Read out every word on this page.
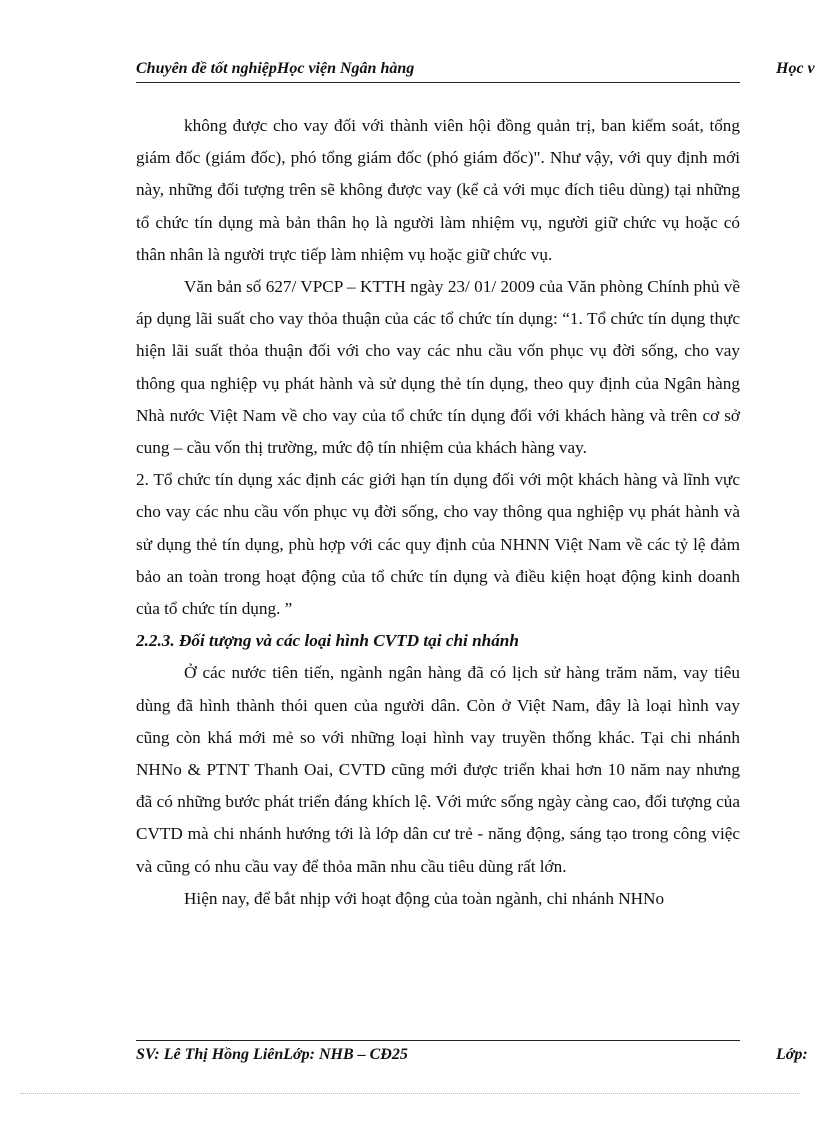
Chuyên đề tốt nghiệpHọc viện Ngân hàng	Học v

không được cho vay đối với thành viên hội đồng quản trị, ban kiểm soát, tổng giám đốc (giám đốc), phó tổng giám đốc (phó giám đốc)". Như vậy, với quy định mới này, những đối tượng trên sẽ không được vay (kể cả với mục đích tiêu dùng) tại những tổ chức tín dụng mà bản thân họ là người làm nhiệm vụ, người giữ chức vụ hoặc có thân nhân là người trực tiếp làm nhiệm vụ hoặc giữ chức vụ.

Văn bản số 627/ VPCP – KTTH ngày 23/ 01/ 2009 của Văn phòng Chính phủ về áp dụng lãi suất cho vay thỏa thuận của các tổ chức tín dụng: “1. Tổ chức tín dụng thực hiện lãi suất thỏa thuận đối với cho vay các nhu cầu vốn phục vụ đời sống, cho vay thông qua nghiệp vụ phát hành và sử dụng thẻ tín dụng, theo quy định của Ngân hàng Nhà nước Việt Nam về cho vay của tổ chức tín dụng đối với khách hàng và trên cơ sở cung – cầu vốn thị trường, mức độ tín nhiệm của khách hàng vay.

2. Tổ chức tín dụng xác định các giới hạn tín dụng đối với một khách hàng và lĩnh vực cho vay các nhu cầu vốn phục vụ đời sống, cho vay thông qua nghiệp vụ phát hành và sử dụng thẻ tín dụng, phù hợp với các quy định của NHNN Việt Nam về các tỷ lệ đảm bảo an toàn trong hoạt động của tổ chức tín dụng và điều kiện hoạt động kinh doanh của tổ chức tín dụng. ”

2.2.3. Đối tượng và các loại hình CVTD tại chi nhánh

Ở các nước tiên tiến, ngành ngân hàng đã có lịch sử hàng trăm năm, vay tiêu dùng đã hình thành thói quen của người dân. Còn ở Việt Nam, đây là loại hình vay cũng còn khá mới mẻ so với những loại hình vay truyền thống khác. Tại chi nhánh NHNo & PTNT Thanh Oai, CVTD cũng mới được triển khai hơn 10 năm nay nhưng đã có những bước phát triển đáng khích lệ. Với mức sống ngày càng cao, đối tượng của CVTD mà chi nhánh hướng tới là lớp dân cư trẻ - năng động, sáng tạo trong công việc và cũng có nhu cầu vay để thỏa mãn nhu cầu tiêu dùng rất lớn.

Hiện nay, để bắt nhịp với hoạt động của toàn ngành, chi nhánh NHNo

SV: Lê Thị Hồng LiênLớp: NHB – CĐ25	Lớp:
